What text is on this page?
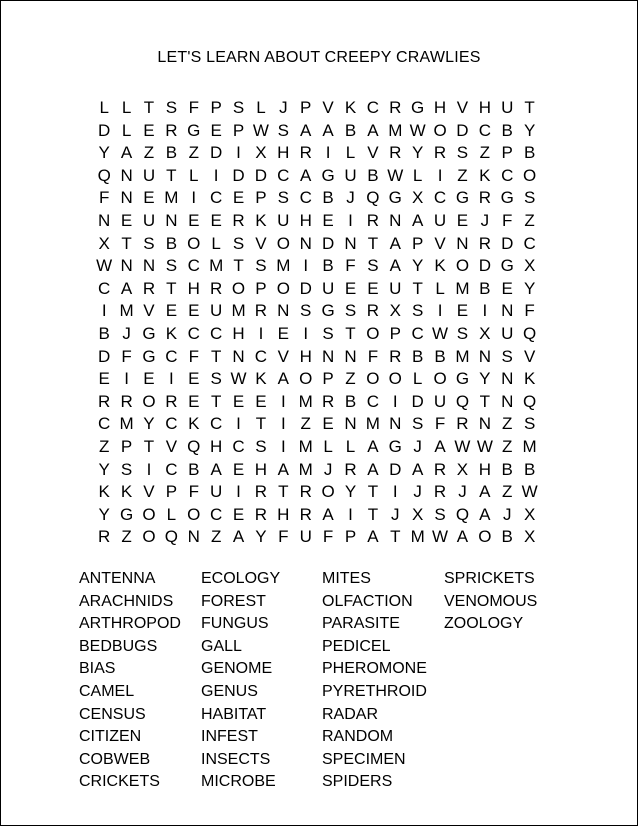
LET'S LEARN ABOUT CREEPY CRAWLIES
L L T S F P S L J P V K C R G H V H U T
D L E R G E P W S A A B A M W O D C B Y
Y A Z B Z D I X H R I L V R Y R S Z P B
Q N U T L I D D C A G U B W L I Z K C O
F N E M I C E P S C B J Q G X C G R G S
N E U N E E R K U H E I R N A U E J F Z
X T S B O L S V O N D N T A P V N R D C
W N N S C M T S M I B F S A Y K O D G X
C A R T H R O P O D U E E U T L M B E Y
I M V E E U M R N S G S R X S I E I N F
B J G K C C H I E I S T O P C W S X U Q
D F G C F T N C V H N N F R B B M N S V
E I E I E S W K A O P Z O O L O G Y N K
R R O R E T E E I M R B C I D U Q T N Q
C M Y C K C I T I Z E N M N S F R N Z S
Z P T V Q H C S I M L L A G J A W W Z M
Y S I C B A E H A M J R A D A R X H B B
K K V P F U I R T R O Y T I J R J A Z W
Y G O L O C E R H R A I T J X S Q A J X
R Z O Q N Z A Y F U F P A T M W A O B X
ANTENNA
ARACHNIDS
ARTHROPOD
BEDBUGS
BIAS
CAMEL
CENSUS
CITIZEN
COBWEB
CRICKETS
ECOLOGY
FOREST
FUNGUS
GALL
GENOME
GENUS
HABITAT
INFEST
INSECTS
MICROBE
MITES
OLFACTION
PARASITE
PEDICEL
PHEROMONE
PYRETHROID
RADAR
RANDOM
SPECIMEN
SPIDERS
SPRICKETS
VENOMOUS
ZOOLOGY
